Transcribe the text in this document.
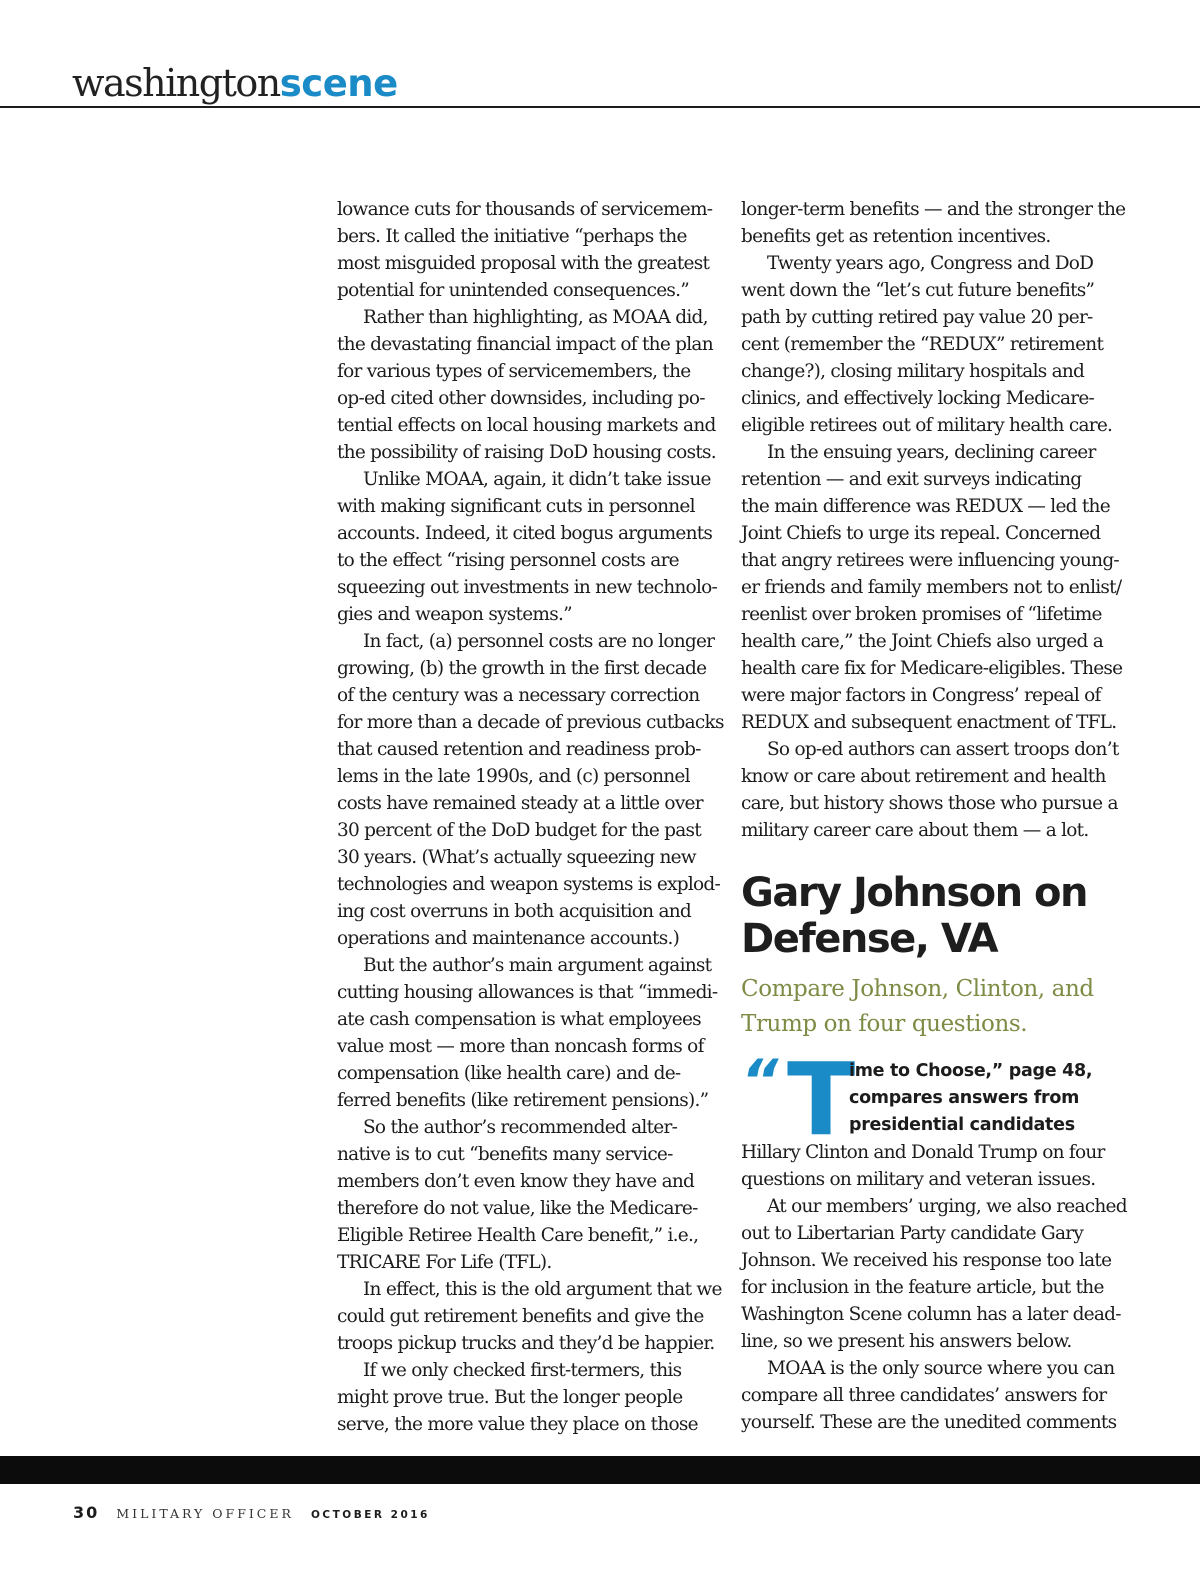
washingtonscene

lowance cuts for thousands of servicemem-

bers. It called the initiative “perhaps the

most misguided proposal with the greatest

potential for unintended consequences.”

Rather than highlighting, as MOAA did,

the devastating financial impact of the plan

for various types of servicemembers, the

op-ed cited other downsides, including po-

tential effects on local housing markets and

the possibility of raising DoD housing costs.

Unlike MOAA, again, it didn’t take issue

with making significant cuts in personnel

accounts. Indeed, it cited bogus arguments

to the effect “rising personnel costs are

squeezing out investments in new technolo-

gies and weapon systems.”

In fact, (a) personnel costs are no longer

growing, (b) the growth in the first decade

of the century was a necessary correction

for more than a decade of previous cutbacks

that caused retention and readiness prob-

lems in the late 1990s, and (c) personnel

costs have remained steady at a little over

30 percent of the DoD budget for the past

30 years. (What’s actually squeezing new

technologies and weapon systems is explod-

ing cost overruns in both acquisition and

operations and maintenance accounts.)

But the author’s main argument against

cutting housing allowances is that “immedi-

ate cash compensation is what employees

value most — more than noncash forms of

compensation (like health care) and de-

ferred benefits (like retirement pensions).”

So the author’s recommended alter-

native is to cut “benefits many service-

members don’t even know they have and

therefore do not value, like the Medicare-

Eligible Retiree Health Care benefit,” i.e.,

TRICARE For Life (TFL).

In effect, this is the old argument that we

could gut retirement benefits and give the

troops pickup trucks and they’d be happier.

If we only checked first-termers, this

might prove true. But the longer people

serve, the more value they place on those

longer-term benefits — and the stronger the

benefits get as retention incentives.

Twenty years ago, Congress and DoD

went down the “let’s cut future benefits”

path by cutting retired pay value 20 per-

cent (remember the “REDUX” retirement

change?), closing military hospitals and

clinics, and effectively locking Medicare-

eligible retirees out of military health care.

In the ensuing years, declining career

retention — and exit surveys indicating

the main difference was REDUX — led the

Joint Chiefs to urge its repeal. Concerned

that angry retirees were influencing young-

er friends and family members not to enlist/

reenlist over broken promises of “lifetime

health care,” the Joint Chiefs also urged a

health care fix for Medicare-eligibles. These

were major factors in Congress’ repeal of

REDUX and subsequent enactment of TFL.

So op-ed authors can assert troops don’t

know or care about retirement and health

care, but history shows those who pursue a

military career care about them — a lot.

Gary Johnson on
Defense, VA
Compare Johnson, Clinton, and
Trump on four questions.
“ T

ime to Choose,” page 48,

compares answers from

presidential candidates

Hillary Clinton and Donald Trump on four

questions on military and veteran issues.

At our members’ urging, we also reached

out to Libertarian Party candidate Gary

Johnson. We received his response too late

for inclusion in the feature article, but the

Washington Scene column has a later dead-

line, so we present his answers below.

MOAA is the only source where you can

compare all three candidates’ answers for

yourself. These are the unedited comments

30 MILITARY OFFICER OCTOBER 2016
